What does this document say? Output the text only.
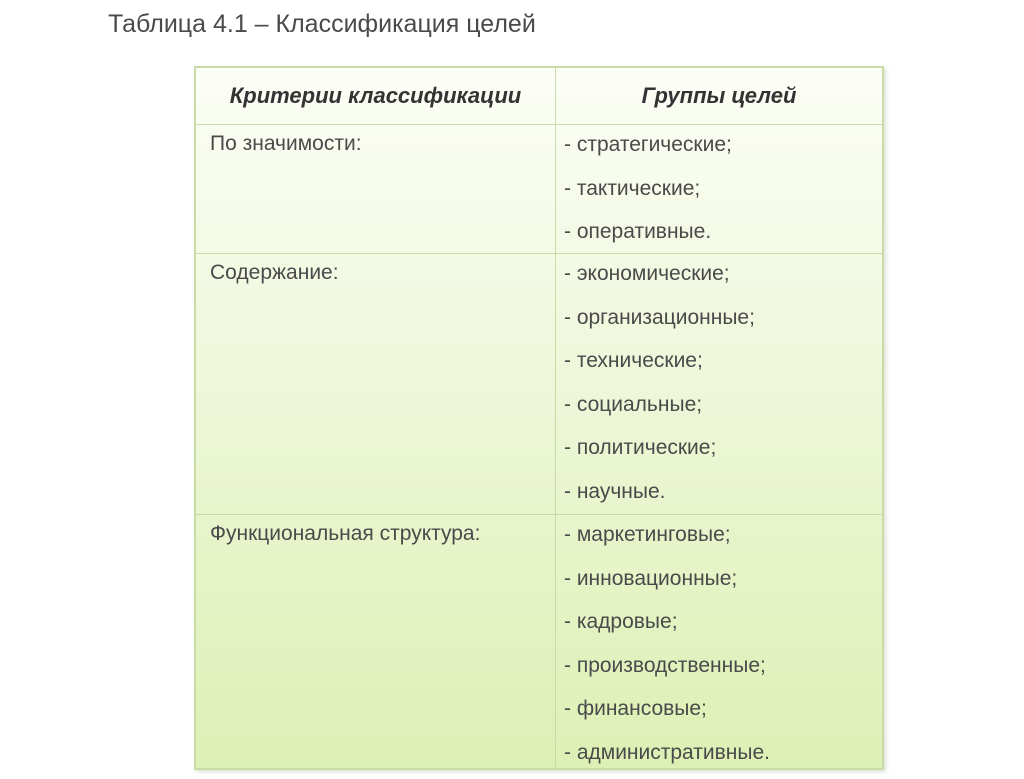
Таблица 4.1 – Классификация целей
Критерии классификации	Группы целей
По значимости:	- стратегические;
- тактические;
- оперативные.
Содержание:	- экономические;
- организационные;
- технические;
- социальные;
- политические;
- научные.
Функциональная структура:	- маркетинговые;
- инновационные;
- кадровые;
- производственные;
- финансовые;
- административные.
